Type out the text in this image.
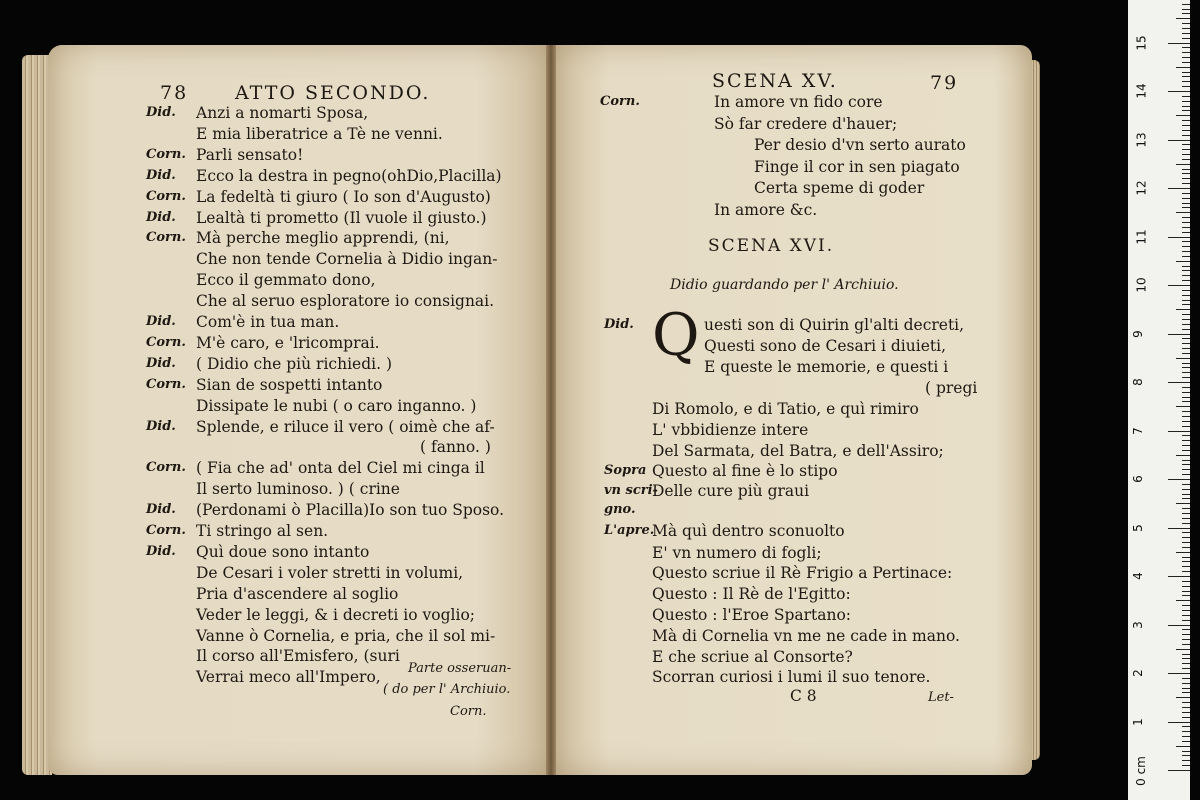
0 cm
1
2
3
4
5
6
7
8
9
10
11
12
13
14
15
78 ATTO SECONDO.
Did. Anzi a nomarti Sposa,
E mia liberatrice a Tè ne venni.
Corn. Parli sensato!
Did. Ecco la destra in pegno(ohDio,Placilla)
Corn. La fedeltà ti giuro ( Io son d'Augusto)
Did. Lealtà ti prometto (Il vuole il giusto.)
Corn. Mà perche meglio apprendi, (ni,
Che non tende Cornelia à Didio ingan-
Ecco il gemmato dono,
Che al seruo esploratore io consignai.
Did. Com'è in tua man.
Corn. M'è caro, e 'lricomprai.
Did. ( Didio che più richiedi. )
Corn. Sian de sospetti intanto
Dissipate le nubi ( o caro inganno. )
Did. Splende, e riluce il vero ( oimè che af-
( fanno. )
Corn. ( Fia che ad' onta del Ciel mi cinga il
Il serto luminoso. ) ( crine
Did. (Perdonami ò Placilla)Io son tuo Sposo.
Corn. Ti stringo al sen.
Did. Quì doue sono intanto
De Cesari i voler stretti in volumi,
Pria d'ascendere al soglio
Veder le leggi, & i decreti io voglio;
Vanne ò Cornelia, e pria, che il sol mi-
Il corso all'Emisfero, (suri
Verrai meco all'Impero, Parte osseruan-
( do per l' Archiuio.
Corn.
SCENA XV.	79
Corn.	In amore vn fido core
Sò far credere d'hauer;
Per desio d'vn serto aurato
Finge il cor in sen piagato
Certa speme di goder
In amore &c.
SCENA XVI.
Didio guardando per l' Archiuio.
Q
Did.	uesti son di Quirin gl'alti decreti,
Questi sono de Cesari i diuieti,
E queste le memorie, e questi i
( pregi
Di Romolo, e di Tatio, e quì rimiro
L' vbbidienze intere
Del Sarmata, del Batra, e dell'Assiro;
Sopra Questo al fine è lo stipo
vn scri-
Delle cure più graui
gno.
L'apre.
Mà quì dentro sconuolto
E' vn numero di fogli;
Questo scriue il Rè Frigio a Pertinace:
Questo : Il Rè de l'Egitto:
Questo : l'Eroe Spartano:
Mà di Cornelia vn me ne cade in mano.
E che scriue al Consorte?
Scorran curiosi i lumi il suo tenore.
C 8	Let-
